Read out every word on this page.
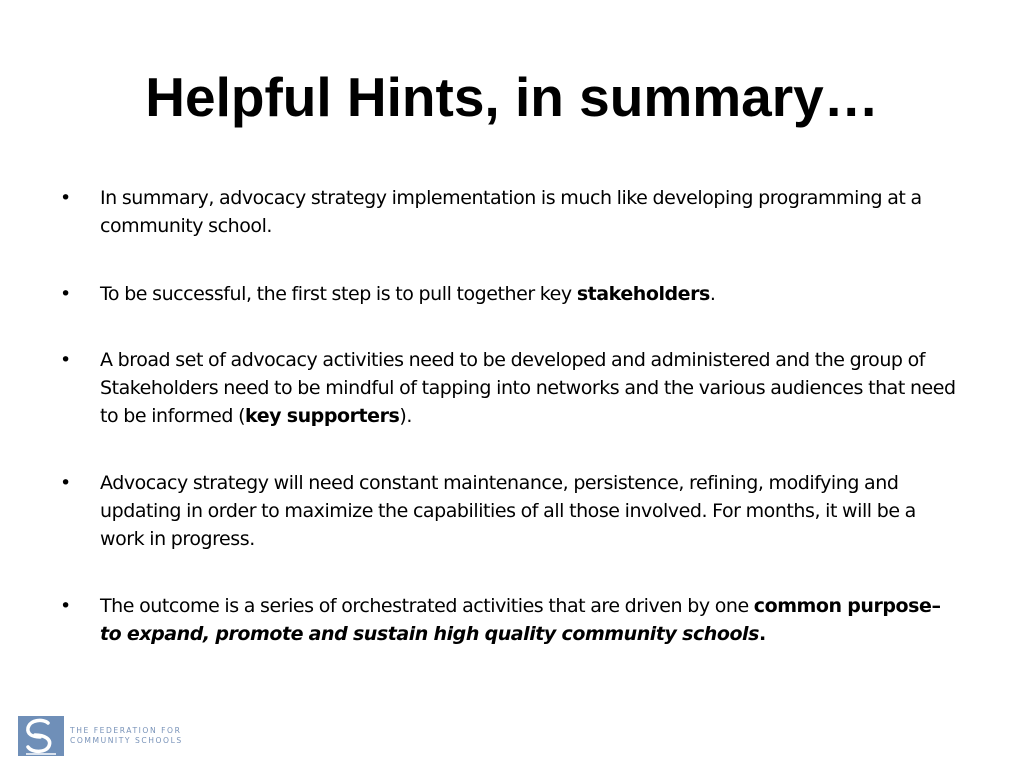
Helpful Hints, in summary…
• In summary, advocacy strategy implementation is much like developing programming at a community school.
• To be successful, the first step is to pull together key stakeholders.
• A broad set of advocacy activities need to be developed and administered and the group of Stakeholders need to be mindful of tapping into networks and the various audiences that need to be informed (key supporters).
• Advocacy strategy will need constant maintenance, persistence, refining, modifying and updating in order to maximize the capabilities of all those involved. For months, it will be a work in progress.
• The outcome is a series of orchestrated activities that are driven by one common purpose– to expand, promote and sustain high quality community schools.
THE FEDERATION FOR
COMMUNITY SCHOOLS
